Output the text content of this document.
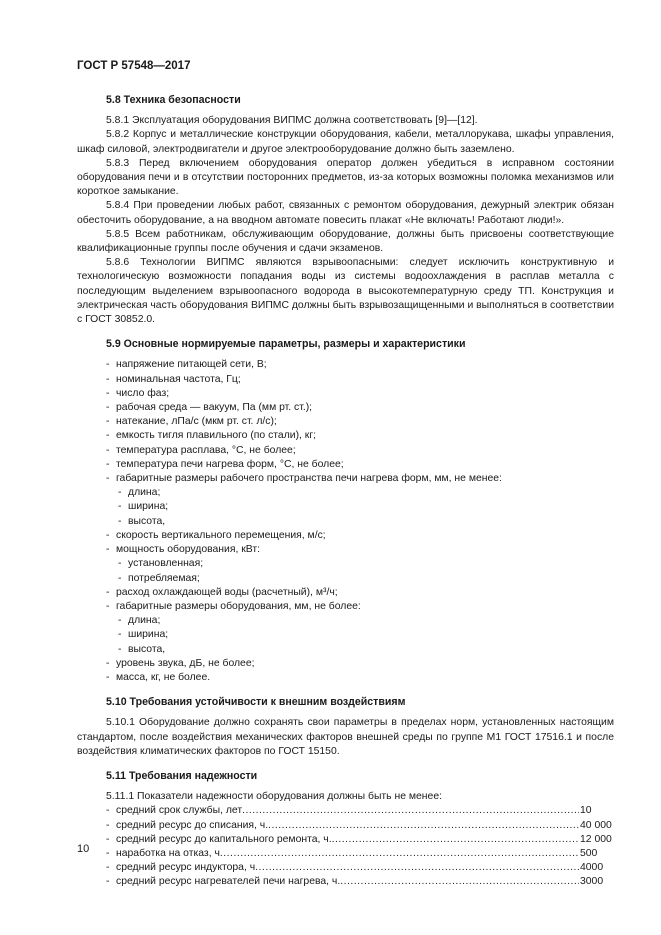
ГОСТ Р 57548—2017
5.8 Техника безопасности

5.8.1 Эксплуатация оборудования ВИПМС должна соответствовать [9]—[12].

5.8.2 Корпус и металлические конструкции оборудования, кабели, металлорукава, шкафы управления, шкаф силовой, электродвигатели и другое электрооборудование должно быть заземлено.

5.8.3 Перед включением оборудования оператор должен убедиться в исправном состоянии оборудования печи и в отсутствии посторонних предметов, из-за которых возможны поломка механизмов или короткое замыкание.

5.8.4 При проведении любых работ, связанных с ремонтом оборудования, дежурный электрик обязан обесточить оборудование, а на вводном автомате повесить плакат «Не включать! Работают люди!».

5.8.5 Всем работникам, обслуживающим оборудование, должны быть присвоены соответствующие квалификационные группы после обучения и сдачи экзаменов.

5.8.6 Технологии ВИПМС являются взрывоопасными: следует исключить конструктивную и технологическую возможности попадания воды из системы водоохлаждения в расплав металла с последующим выделением взрывоопасного водорода в высокотемпературную среду ТП. Конструкция и электрическая часть оборудования ВИПМС должны быть взрывозащищенными и выполняться в соответствии с ГОСТ 30852.0.

5.9 Основные нормируемые параметры, размеры и характеристики
- напряжение питающей сети, В;
- номинальная частота, Гц;
- число фаз;
- рабочая среда — вакуум, Па (мм рт. ст.);
- натекание, лПа/с (мкм рт. ст. л/с);
- емкость тигля плавильного (по стали), кг;
- температура расплава, °С, не более;
- температура печи нагрева форм, °С, не более;
- габаритные размеры рабочего пространства печи нагрева форм, мм, не менее:
- длина;
- ширина;
- высота,
- скорость вертикального перемещения, м/с;
- мощность оборудования, кВт:
- установленная;
- потребляемая;
- расход охлаждающей воды (расчетный), м³/ч;
- габаритные размеры оборудования, мм, не более:
- длина;
- ширина;
- высота,
- уровень звука, дБ, не более;
- масса, кг, не более.
5.10 Требования устойчивости к внешним воздействиям

5.10.1 Оборудование должно сохранять свои параметры в пределах норм, установленных настоящим стандартом, после воздействия механических факторов внешней среды по группе М1 ГОСТ 17516.1 и после воздействия климатических факторов по ГОСТ 15150.

5.11 Требования надежности
5.11.1 Показатели надежности оборудования должны быть не менее:
- средний срок службы, лет .....	10
- средний ресурс до списания, ч. .....	40 000
- средний ресурс до капитального ремонта, ч. .....	12 000
- наработка на отказ, ч .....	500
- средний ресурс индуктора, ч .....	4000
- средний ресурс нагревателей печи нагрева, ч. .....	3000
10
